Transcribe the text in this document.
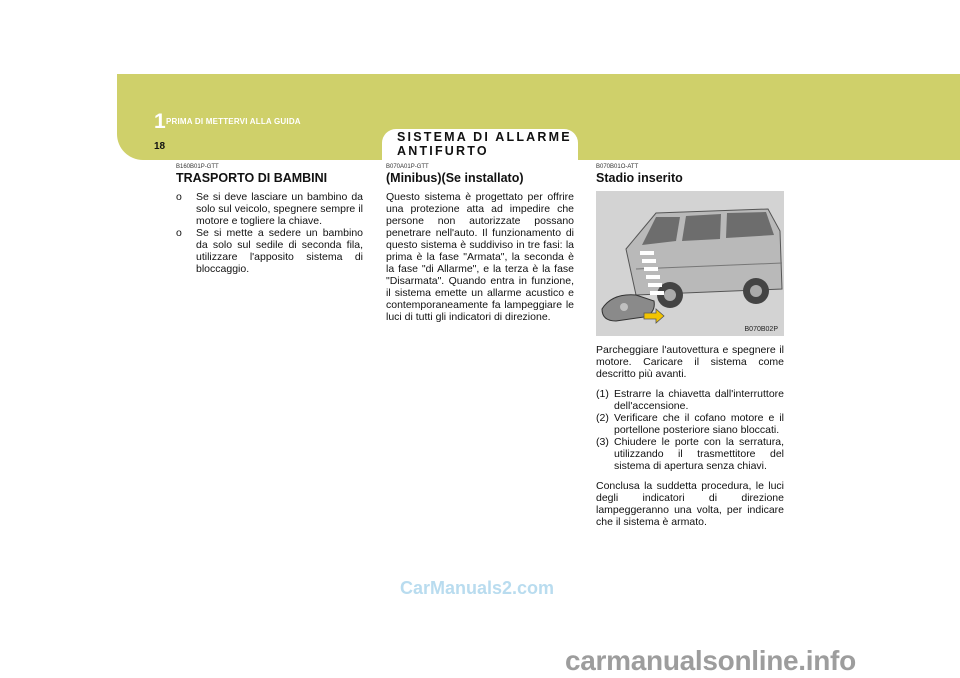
1 PRIMA DI METTERVI ALLA GUIDA
18
SISTEMA DI ALLARME ANTIFURTO
B160B01P-GTT
TRASPORTO DI BAMBINI
o Se si deve lasciare un bambino da solo sul veicolo, spegnere sempre il motore e togliere la chiave.
o Se si mette a sedere un bambino da solo sul sedile di seconda fila, utilizzare l'apposito sistema di bloccaggio.
B070A01P-GTT
(Minibus)(Se installato)

Questo sistema è progettato per offrire una protezione atta ad impedire che persone non autorizzate possano penetrare nell'auto. Il funzionamento di questo sistema è suddiviso in tre fasi: la prima è la fase "Armata", la seconda è la fase "di Allarme", e la terza è la fase "Disarmata". Quando entra in funzione, il sistema emette un allarme acustico e contemporaneamente fa lampeggiare le luci di tutti gli indicatori di direzione.

B070B01O-ATT
Stadio inserito
B070B02P

Parcheggiare l'autovettura e spegnere il motore. Caricare il sistema come descritto più avanti.

(1) Estrarre la chiavetta dall'interruttore dell'accensione.
(2) Verificare che il cofano motore e il portellone posteriore siano bloccati.
(3) Chiudere le porte con la serratura, utilizzando il trasmettitore del sistema di apertura senza chiavi.

Conclusa la suddetta procedura, le luci degli indicatori di direzione lampeggeranno una volta, per indicare che il sistema è armato.

CarManuals2.com
carmanualsonline.info
